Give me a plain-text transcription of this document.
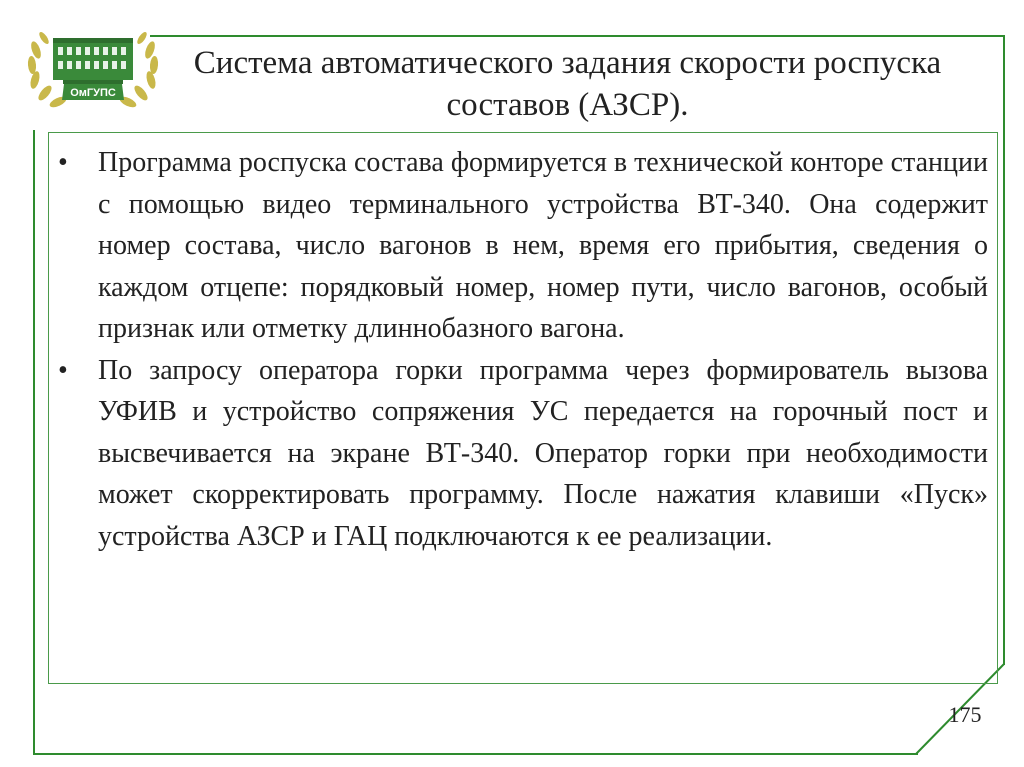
ОмГУПС
Система автоматического задания скорости роспуска составов (АЗСР).
•	Программа роспуска состава формируется в технической конторе станции с помощью видео терминального устройства ВТ-340. Она содержит номер состава, число вагонов в нем, время его прибытия, сведения о каждом отцепе: порядковый номер, номер пути, число вагонов, особый признак или отметку длиннобазного вагона.
•	По запросу оператора горки программа через формирователь вызова УФИВ и устройство сопряжения УС передается на горочный пост и высвечивается на экране ВТ-340. Оператор горки при необходимости может скорректировать программу. После нажатия клавиши «Пуск» устройства АЗСР и ГАЦ подключаются к ее реализации.
175
